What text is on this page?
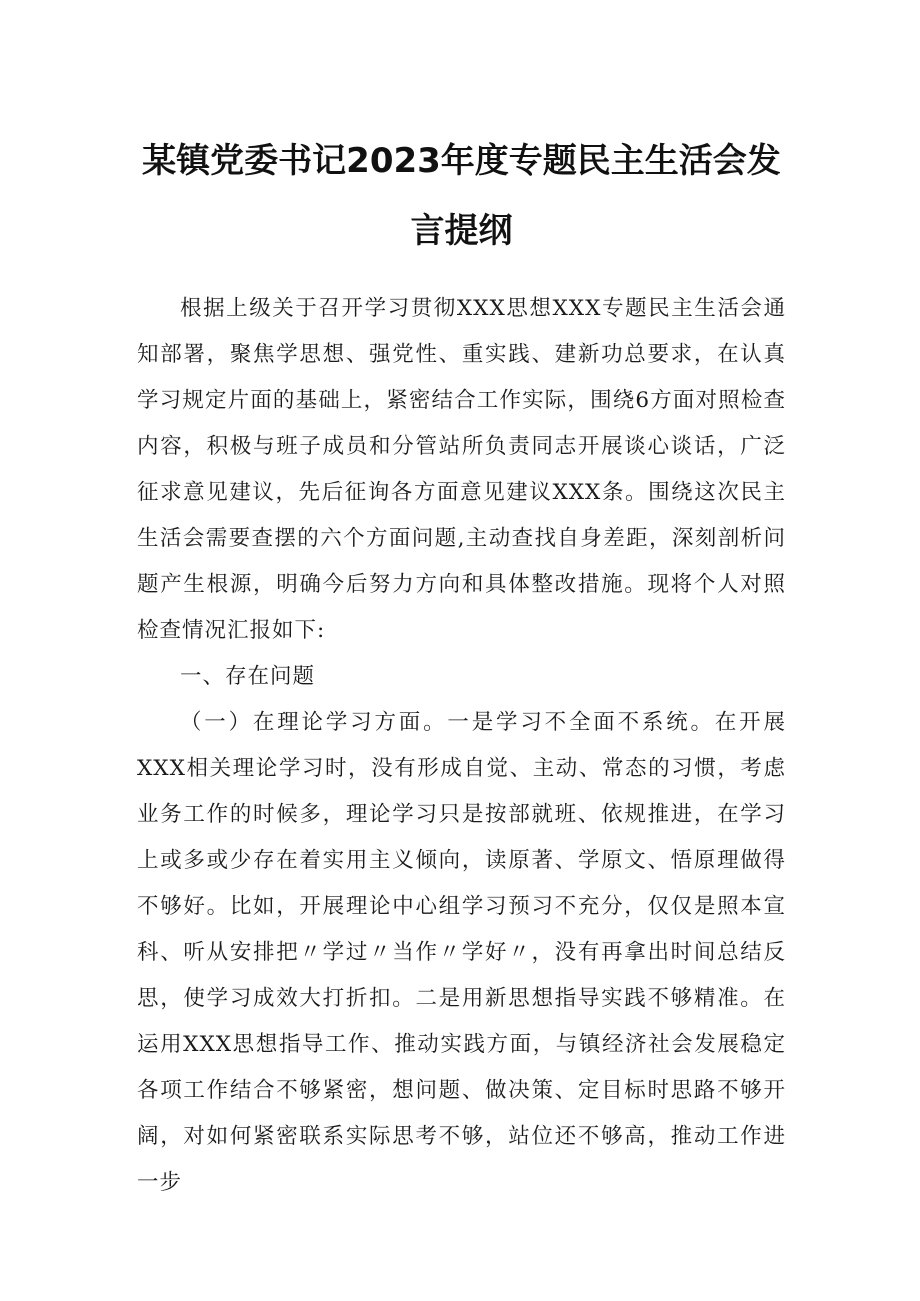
某镇党委书记2023年度专题民主生活会发言提纲

根据上级关于召开学习贯彻XXX思想XXX专题民主生活会通知部署，聚焦学思想、强党性、重实践、建新功总要求，在认真学习规定片面的基础上，紧密结合工作实际，围绕6方面对照检查内容，积极与班子成员和分管站所负责同志开展谈心谈话，广泛征求意见建议，先后征询各方面意见建议XXX条。围绕这次民主生活会需要查摆的六个方面问题,主动查找自身差距，深刻剖析问题产生根源，明确今后努力方向和具体整改措施。现将个人对照检查情况汇报如下:

一、存在问题

（一）在理论学习方面。一是学习不全面不系统。在开展XXX相关理论学习时，没有形成自觉、主动、常态的习惯，考虑业务工作的时候多，理论学习只是按部就班、依规推进，在学习上或多或少存在着实用主义倾向，读原著、学原文、悟原理做得不够好。比如，开展理论中心组学习预习不充分，仅仅是照本宣科、听从安排把〃学过〃当作〃学好〃，没有再拿出时间总结反思，使学习成效大打折扣。二是用新思想指导实践不够精准。在运用XXX思想指导工作、推动实践方面，与镇经济社会发展稳定各项工作结合不够紧密，想问题、做决策、定目标时思路不够开阔，对如何紧密联系实际思考不够，站位还不够高，推动工作进一步
